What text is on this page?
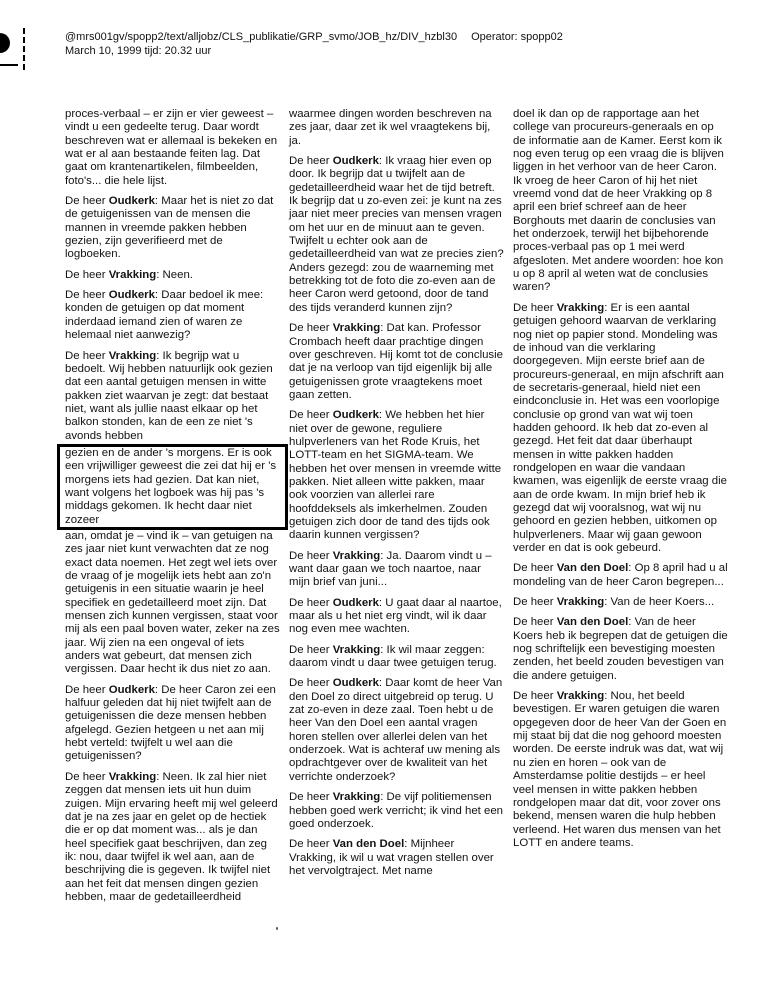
@mrs001gv/spopp2/text/alljobz/CLS_publikatie/GRP_svmo/JOB_hz/DIV_hzbl30 Operator: spopp02
March 10, 1999 tijd: 20.32 uur

proces-verbaal – er zijn er vier geweest – vindt u een gedeelte terug. Daar wordt beschreven wat er allemaal is bekeken en wat er al aan bestaande feiten lag. Dat gaat om krantenartikelen, filmbeelden, foto's... die hele lijst.

De heer Oudkerk: Maar het is niet zo dat de getuigenissen van de mensen die mannen in vreemde pakken hebben gezien, zijn geverifieerd met de logboeken.

De heer Vrakking: Neen.

De heer Oudkerk: Daar bedoel ik mee: konden de getuigen op dat moment inderdaad iemand zien of waren ze helemaal niet aanwezig?

De heer Vrakking: Ik begrijp wat u bedoelt. Wij hebben natuurlijk ook gezien dat een aantal getuigen mensen in witte pakken ziet waarvan je zegt: dat bestaat niet, want als jullie naast elkaar op het balkon stonden, kan de een ze niet 's avonds hebben

gezien en de ander 's morgens. Er is ook een vrijwilliger geweest die zei dat hij er 's morgens iets had gezien. Dat kan niet, want volgens het logboek was hij pas 's middags gekomen. Ik hecht daar niet zozeer

aan, omdat je – vind ik – van getuigen na zes jaar niet kunt verwachten dat ze nog exact data noemen. Het zegt wel iets over de vraag of je mogelijk iets hebt aan zo'n getuigenis in een situatie waarin je heel specifiek en gedetailleerd moet zijn. Dat mensen zich kunnen vergissen, staat voor mij als een paal boven water, zeker na zes jaar. Wij zien na een ongeval of iets anders wat gebeurt, dat mensen zich vergissen. Daar hecht ik dus niet zo aan.

De heer Oudkerk: De heer Caron zei een halfuur geleden dat hij niet twijfelt aan de getuigenissen die deze mensen hebben afgelegd. Gezien hetgeen u net aan mij hebt verteld: twijfelt u wel aan die getuigenissen?

De heer Vrakking: Neen. Ik zal hier niet zeggen dat mensen iets uit hun duim zuigen. Mijn ervaring heeft mij wel geleerd dat je na zes jaar en gelet op de hectiek die er op dat moment was... als je dan heel specifiek gaat beschrijven, dan zeg ik: nou, daar twijfel ik wel aan, aan de beschrijving die is gegeven. Ik twijfel niet aan het feit dat mensen dingen gezien hebben, maar de gedetailleerdheid

waarmee dingen worden beschreven na zes jaar, daar zet ik wel vraagtekens bij, ja.

De heer Oudkerk: Ik vraag hier even op door. Ik begrijp dat u twijfelt aan de gedetailleerdheid waar het de tijd betreft. Ik begrijp dat u zo-even zei: je kunt na zes jaar niet meer precies van mensen vragen om het uur en de minuut aan te geven. Twijfelt u echter ook aan de gedetailleerdheid van wat ze precies zien? Anders gezegd: zou de waarneming met betrekking tot de foto die zo-even aan de heer Caron werd getoond, door de tand des tijds veranderd kunnen zijn?

De heer Vrakking: Dat kan. Professor Crombach heeft daar prachtige dingen over geschreven. Hij komt tot de conclusie dat je na verloop van tijd eigenlijk bij alle getuigenissen grote vraagtekens moet gaan zetten.

De heer Oudkerk: We hebben het hier niet over de gewone, reguliere hulpverleners van het Rode Kruis, het LOTT-team en het SIGMA-team. We hebben het over mensen in vreemde witte pakken. Niet alleen witte pakken, maar ook voorzien van allerlei rare hoofddeksels als imkerhelmen. Zouden getuigen zich door de tand des tijds ook daarin kunnen vergissen?

De heer Vrakking: Ja. Daarom vindt u – want daar gaan we toch naartoe, naar mijn brief van juni...

De heer Oudkerk: U gaat daar al naartoe, maar als u het niet erg vindt, wil ik daar nog even mee wachten.

De heer Vrakking: Ik wil maar zeggen: daarom vindt u daar twee getuigen terug.

De heer Oudkerk: Daar komt de heer Van den Doel zo direct uitgebreid op terug. U zat zo-even in deze zaal. Toen hebt u de heer Van den Doel een aantal vragen horen stellen over allerlei delen van het onderzoek. Wat is achteraf uw mening als opdrachtgever over de kwaliteit van het verrichte onderzoek?

De heer Vrakking: De vijf politiemensen hebben goed werk verricht; ik vind het een goed onderzoek.

De heer Van den Doel: Mijnheer Vrakking, ik wil u wat vragen stellen over het vervolgtraject. Met name

doel ik dan op de rapportage aan het college van procureurs-generaals en op de informatie aan de Kamer. Eerst kom ik nog even terug op een vraag die is blijven liggen in het verhoor van de heer Caron. Ik vroeg de heer Caron of hij het niet vreemd vond dat de heer Vrakking op 8 april een brief schreef aan de heer Borghouts met daarin de conclusies van het onderzoek, terwijl het bijbehorende proces-verbaal pas op 1 mei werd afgesloten. Met andere woorden: hoe kon u op 8 april al weten wat de conclusies waren?

De heer Vrakking: Er is een aantal getuigen gehoord waarvan de verklaring nog niet op papier stond. Mondeling was de inhoud van die verklaring doorgegeven. Mijn eerste brief aan de procureurs-generaal, en mijn afschrift aan de secretaris-generaal, hield niet een eindconclusie in. Het was een voorlopige conclusie op grond van wat wij toen hadden gehoord. Ik heb dat zo-even al gezegd. Het feit dat daar überhaupt mensen in witte pakken hadden rondgelopen en waar die vandaan kwamen, was eigenlijk de eerste vraag die aan de orde kwam. In mijn brief heb ik gezegd dat wij vooralsnog, wat wij nu gehoord en gezien hebben, uitkomen op hulpverleners. Maar wij gaan gewoon verder en dat is ook gebeurd.

De heer Van den Doel: Op 8 april had u al mondeling van de heer Caron begrepen...

De heer Vrakking: Van de heer Koers...

De heer Van den Doel: Van de heer Koers heb ik begrepen dat de getuigen die nog schriftelijk een bevestiging moesten zenden, het beeld zouden bevestigen van die andere getuigen.

De heer Vrakking: Nou, het beeld bevestigen. Er waren getuigen die waren opgegeven door de heer Van der Goen en mij staat bij dat die nog gehoord moesten worden. De eerste indruk was dat, wat wij nu zien en horen – ook van de Amsterdamse politie destijds – er heel veel mensen in witte pakken hebben rondgelopen maar dat dit, voor zover ons bekend, mensen waren die hulp hebben verleend. Het waren dus mensen van het LOTT en andere teams.
